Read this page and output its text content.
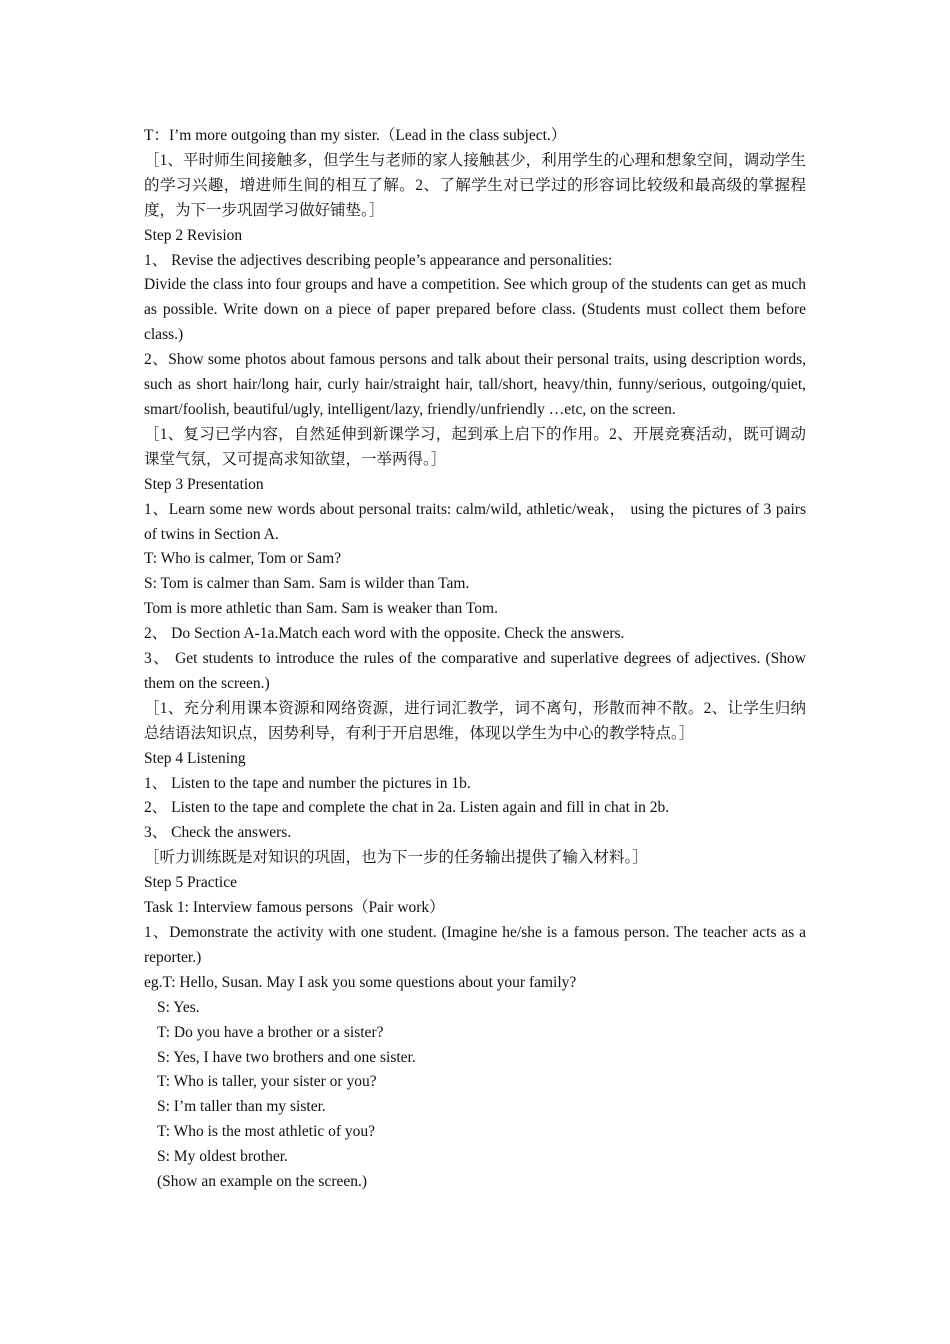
T：I’m more outgoing than my sister.（Lead in the class subject.）

［1、平时师生间接触多，但学生与老师的家人接触甚少，利用学生的心理和想象空间，调动学生的学习兴趣，增进师生间的相互了解。2、了解学生对已学过的形容词比较级和最高级的掌握程度，为下一步巩固学习做好铺垫。］

Step 2 Revision

1、 Revise the adjectives describing people’s appearance and personalities:

Divide the class into four groups and have a competition. See which group of the students can get as much as possible. Write down on a piece of paper prepared before class. (Students must collect them before class.)

2、Show some photos about famous persons and talk about their personal traits, using description words, such as short hair/long hair, curly hair/straight hair, tall/short, heavy/thin, funny/serious, outgoing/quiet, smart/foolish, beautiful/ugly, intelligent/lazy, friendly/unfriendly …etc, on the screen.

［1、复习已学内容，自然延伸到新课学习，起到承上启下的作用。2、开展竞赛活动，既可调动课堂气氛，又可提高求知欲望，一举两得。］

Step 3 Presentation

1、Learn some new words about personal traits: calm/wild, athletic/weak， using the pictures of 3 pairs of twins in Section A.

T: Who is calmer, Tom or Sam?

S: Tom is calmer than Sam. Sam is wilder than Tam.

Tom is more athletic than Sam. Sam is weaker than Tom.

2、 Do Section A-1a.Match each word with the opposite. Check the answers.

3、 Get students to introduce the rules of the comparative and superlative degrees of adjectives. (Show them on the screen.)

［1、充分利用课本资源和网络资源，进行词汇教学，词不离句，形散而神不散。2、让学生归纳总结语法知识点，因势利导，有利于开启思维，体现以学生为中心的教学特点。］

Step 4 Listening

1、 Listen to the tape and number the pictures in 1b.

2、 Listen to the tape and complete the chat in 2a. Listen again and fill in chat in 2b.

3、 Check the answers.

［听力训练既是对知识的巩固，也为下一步的任务输出提供了输入材料。］

Step 5 Practice

Task 1: Interview famous persons（Pair work）

1、Demonstrate the activity with one student. (Imagine he/she is a famous person. The teacher acts as a reporter.)

eg.T: Hello, Susan. May I ask you some questions about your family?

S: Yes.

T: Do you have a brother or a sister?

S: Yes, I have two brothers and one sister.

T: Who is taller, your sister or you?

S: I’m taller than my sister.

T: Who is the most athletic of you?

S: My oldest brother.

(Show an example on the screen.)
